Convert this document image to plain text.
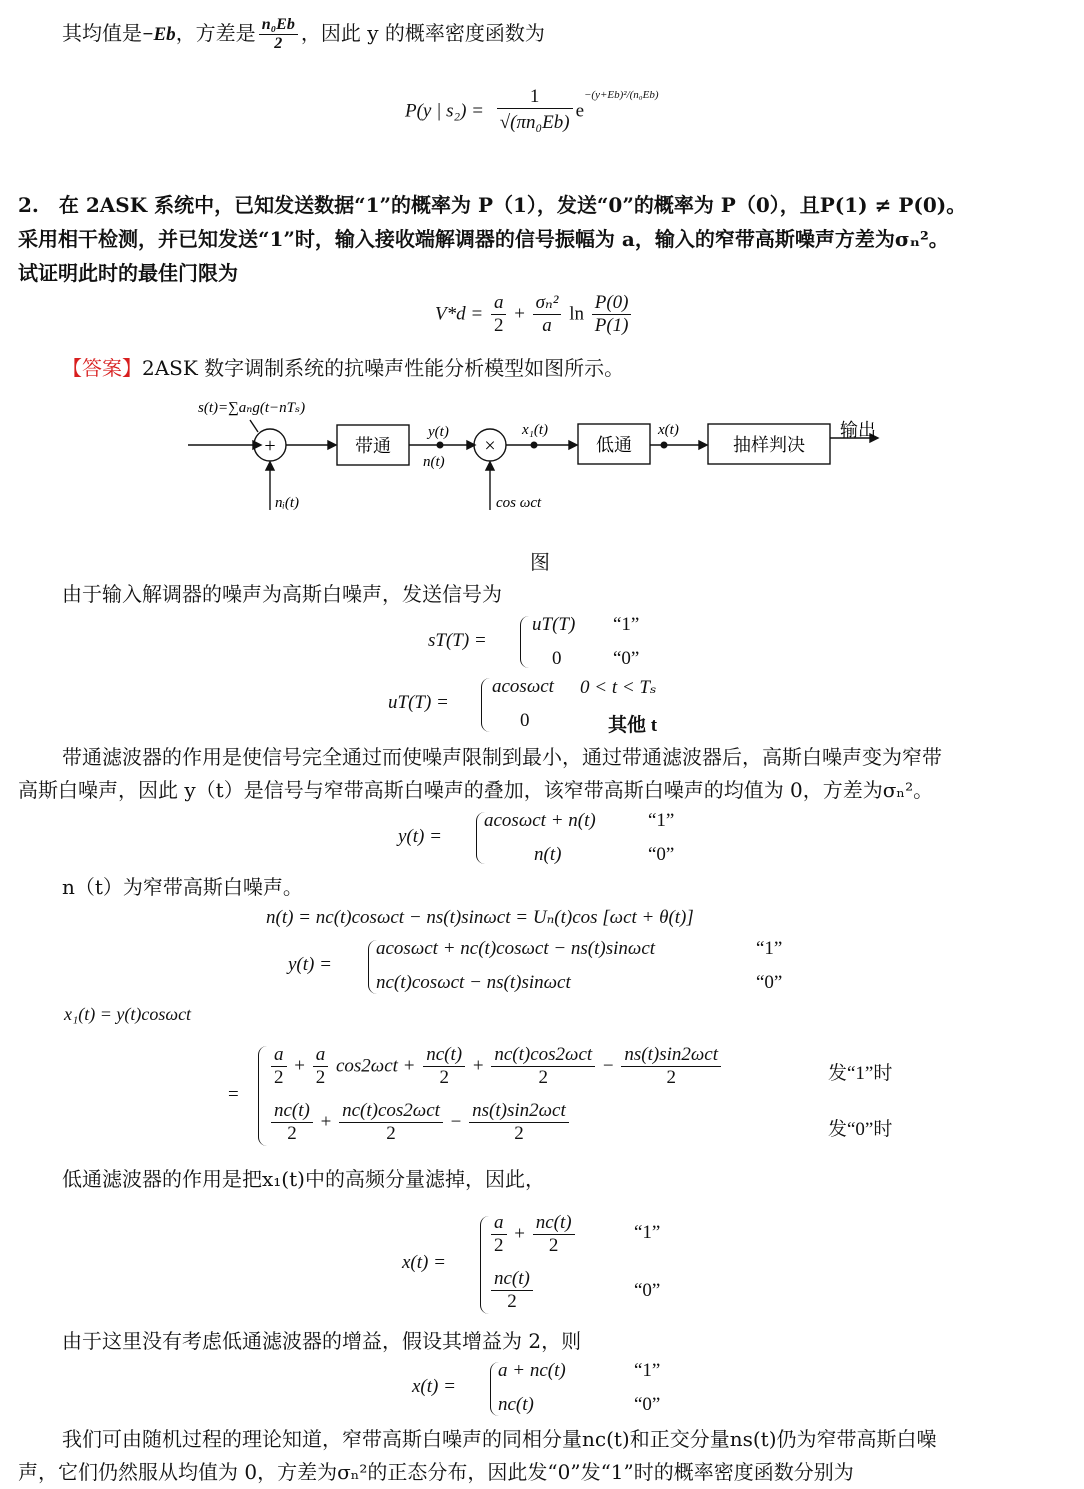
其均值是−Eb，方差是 $\frac{\text{n₀Eb}}{2}$ ，因此 y 的概率密度函数为
P(y | $s_2) = \frac{1}{\text{√(πn₀Eb)}} e^{-(y+Eb)^2/(n_0Eb)}$
2. 在 2ASK 系统中，已知发送数据“1”的概率为 P（1），发送“0”的概率为 P（0），且P(1) ≠ P(0)。
采用相干检测，并已知发送“1”时，输入接收端解调器的信号振幅为 a，输入的窄带高斯噪声方差为σₙ²。
试证明此时的最佳门限为
$V*d = \frac{a}{2} + \frac{\text{σₙ²}}{a}$ $\ln \frac{P(0)}{P(1)}$
【答案】2ASK 数字调制系统的抗噪声性能分析模型如图所示。
s(t)=∑aₙg(t−nTₛ)
+	带通
y(t)
n(t)
×
x₁(t)
低通
x(t)
抽样判决
输出
nᵢ(t)	cos ωct
图
由于输入解调器的噪声为高斯白噪声，发送信号为
sT(T) =
uT(T) “1”
0	“0”
uT(T) =
acosωct 0 < t < Tₛ
0	其他 t
带通滤波器的作用是使信号完全通过而使噪声限制到最小，通过带通滤波器后，高斯白噪声变为窄带
高斯白噪声，因此 y（t）是信号与窄带高斯白噪声的叠加，该窄带高斯白噪声的均值为 0，方差为σₙ²。
y(t) =
acosωct + n(t)	“1”
n(t)	“0”
n（t）为窄带高斯白噪声。
n(t) = nc(t)cosωct − ns(t)sinωct = Uₙ(t)cos [ωct + θ(t)]
y(t) =
acosωct + nc(t)cosωct − ns(t)sinωct	“1”
nc(t)cosωct − ns(t)sinωct	“0”
x₁(t) = y(t)cosωct
=
$\frac{a}{2} + \frac{a}{2} \cos 2\omega ct + \frac{nc(t)}{2} + \frac{\text{nc(t)cos2ωct}}{2} - \frac{\text{ns(t)sin2ωct}}{2}$	发“1”时
$\frac{nc(t)}{2} + \frac{\text{nc(t)cos2ωct}}{2} - \frac{\text{ns(t)sin2ωct}}{2}$	发“0”时
低通滤波器的作用是把x₁(t)中的高频分量滤掉，因此，
x(t) =
$\frac{a}{2} + \frac{nc(t)}{2}$	“1”
$\frac{nc(t)}{2}$	“0”
由于这里没有考虑低通滤波器的增益，假设其增益为 2，则
x(t) =
a + nc(t)	“1”
nc(t)	“0”
我们可由随机过程的理论知道，窄带高斯白噪声的同相分量nc(t)和正交分量ns(t)仍为窄带高斯白噪
声，它们仍然服从均值为 0，方差为σₙ²的正态分布，因此发“0”发“1”时的概率密度函数分别为
